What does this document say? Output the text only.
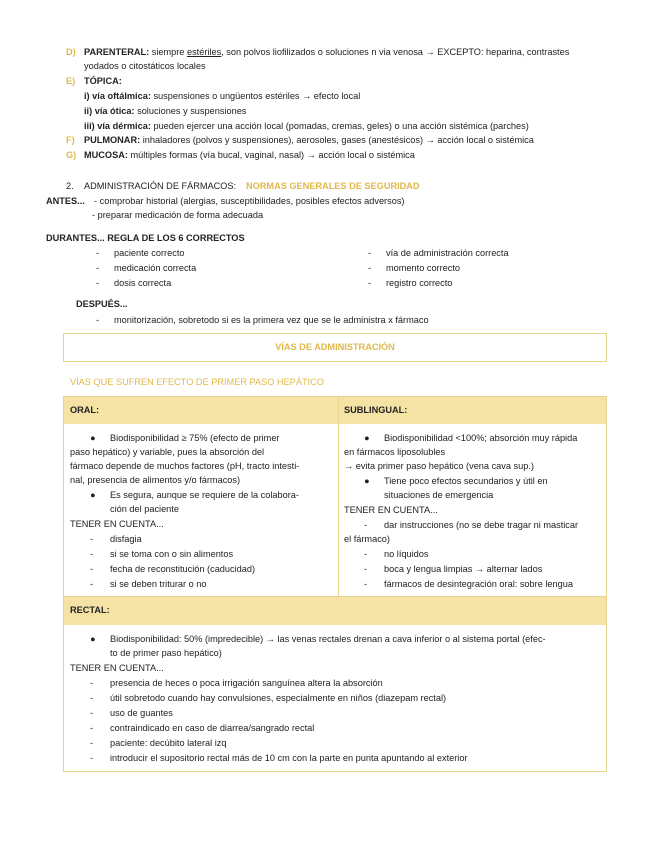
D) PARENTERAL: siempre estériles, son polvos liofilizados o soluciones n via venosa → EXCEPTO: heparina, contrastes
yodados o citostáticos locales
E) TÓPICA:
i) vía oftálmica: suspensiones o ungüentos estériles → efecto local
ii) vía ótica: soluciones y suspensiones
iii) vía dérmica: pueden ejercer una acción local (pomadas, cremas, geles) o una acción sistémica (parches)
F) PULMONAR: inhaladores (polvos y suspensiones), aerosoles, gases (anestésicos) → acción local o sistémica
G) MUCOSA: múltiples formas (vía bucal, vaginal, nasal) → acción local o sistémica
2. ADMINISTRACIÓN DE FÁRMACOS: NORMAS GENERALES DE SEGURIDAD
ANTES... - comprobar historial (alergias, susceptibilidades, posibles efectos adversos)
- preparar medicación de forma adecuada
DURANTES... REGLA DE LOS 6 CORRECTOS
- paciente correcto
- medicación correcta
- dosis correcta
- vía de administración correcta
- momento correcto
- registro correcto
DESPUÉS...
- monitorización, sobretodo si es la primera vez que se le administra x fármaco
VÍAS DE ADMINISTRACIÓN
VÍAS QUE SUFREN EFECTO DE PRIMER PASO HEPÁTICO
ORAL:	SUBLINGUAL:
● Biodisponibilidad ≥ 75% (efecto de primer
paso hepático) y variable, pues la absorción del
fármaco depende de muchos factores (pH, tracto intesti-
nal, presencia de alimentos y/o fármacos)
● Es segura, aunque se requiere de la colabora-
ción del paciente
TENER EN CUENTA...
- disfagia
- si se toma con o sin alimentos
- fecha de reconstitución (caducidad)
- si se deben triturar o no
● Biodisponibilidad <100%; absorción muy rápida
en fármacos liposolubles
→ evita primer paso hepático (vena cava sup.)
● Tiene poco efectos secundarios y útil en
situaciones de emergencia
TENER EN CUENTA...
- dar instrucciones (no se debe tragar ni masticar
el fármaco)
- no líquidos
- boca y lengua limpias → alternar lados
- fármacos de desintegración oral: sobre lengua
RECTAL:
● Biodisponibilidad: 50% (impredecible) → las venas rectales drenan a cava inferior o al sistema portal (efec-
to de primer paso hepático)
TENER EN CUENTA...
- presencia de heces o poca irrigación sanguínea altera la absorción
- útil sobretodo cuando hay convulsiones, especialmente en niños (diazepam rectal)
- uso de guantes
- contraindicado en caso de diarrea/sangrado rectal
- paciente: decúbito lateral izq
- introducir el supositorio rectal más de 10 cm con la parte en punta apuntando al exterior
